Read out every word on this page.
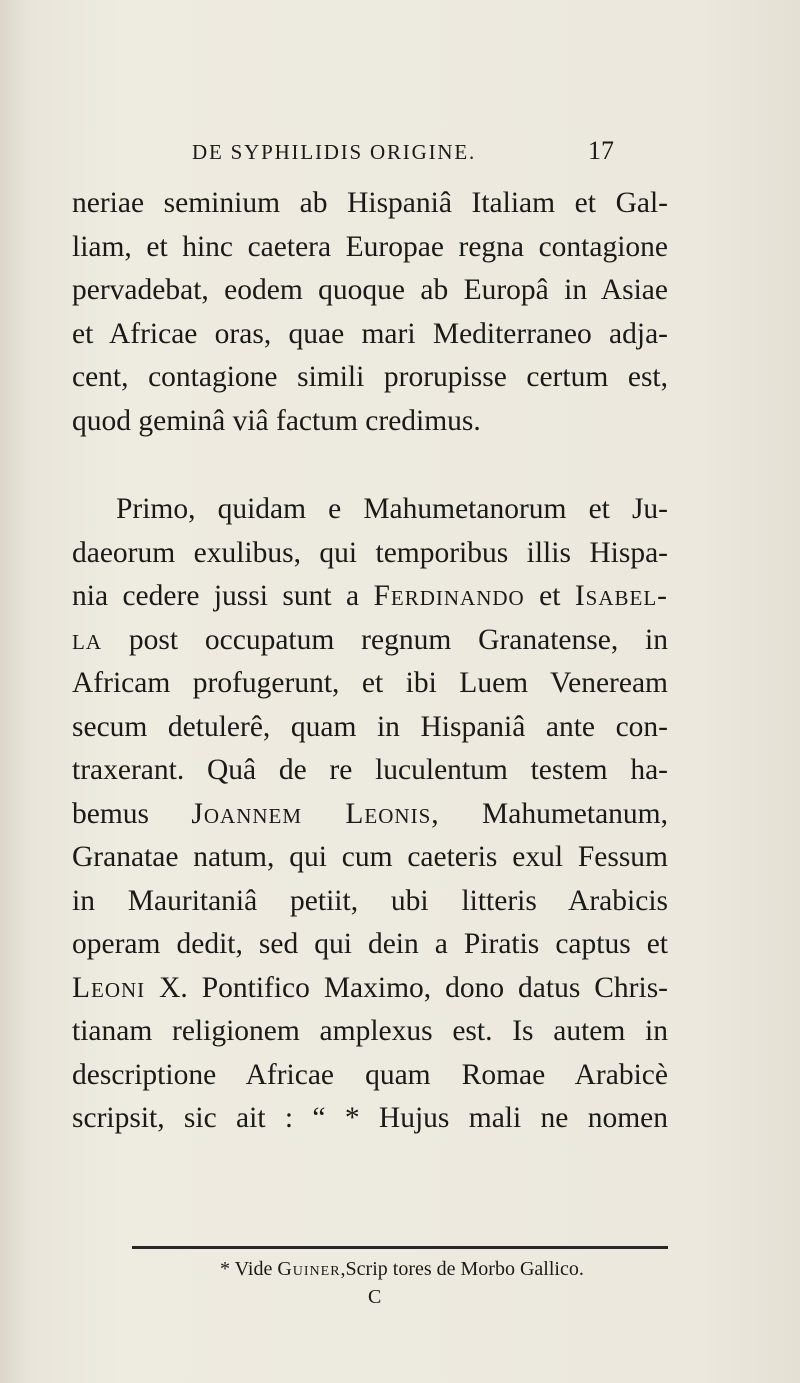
DE SYPHILIDIS ORIGINE.	17
neriae seminium ab Hispaniâ Italiam et Gal-
liam, et hinc caetera Europae regna contagione
pervadebat, eodem quoque ab Europâ in Asiae
et Africae oras, quae mari Mediterraneo adja-
cent, contagione simili prorupisse certum est,
quod geminâ viâ factum credimus.
Primo, quidam e Mahumetanorum et Ju-
daeorum exulibus, qui temporibus illis Hispa-
nia cedere jussi sunt a Ferdinando et Isabel-
la post occupatum regnum Granatense, in
Africam profugerunt, et ibi Luem Veneream
secum detulerê, quam in Hispaniâ ante con-
traxerant. Quâ de re luculentum testem ha-
bemus Joannem Leonis, Mahumetanum,
Granatae natum, qui cum caeteris exul Fessum
in Mauritaniâ petiit, ubi litteris Arabicis
operam dedit, sed qui dein a Piratis captus et
Leoni X. Pontifico Maximo, dono datus Chris-
tianam religionem amplexus est. Is autem in
descriptione Africae quam Romae Arabicè
scripsit, sic ait : “ * Hujus mali ne nomen
* Vide Guiner,Scrip tores de Morbo Gallico.
C
